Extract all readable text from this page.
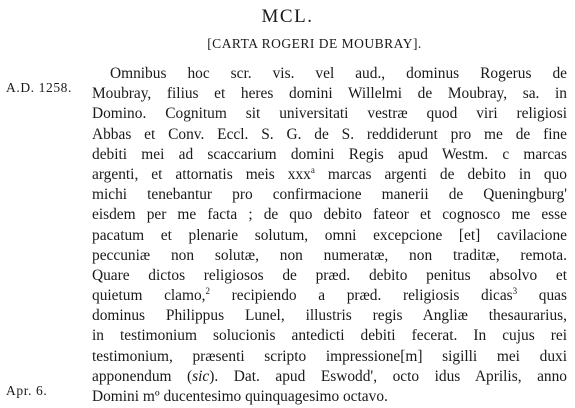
MCL.
[CARTA ROGERI DE MOUBRAY].
A.D. 1258.
Apr. 6.
Omnibus hoc scr. vis. vel aud., dominus Rogerus de
Moubray, filius et heres domini Willelmi de Moubray, sa. in
Domino. Cognitum sit universitati vestræ quod viri religiosi
Abbas et Conv. Eccl. S. G. de S. reddiderunt pro me de fine
debiti mei ad scaccarium domini Regis apud Westm. c marcas
argenti, et attornatis meis xxx$^a$ marcas argenti de debito in quo
michi tenebantur pro confirmacione manerii de Queningburg'
eisdem per me facta ; de quo debito fateor et cognosco me esse
pacatum et plenarie solutum, omni excepcione [et] cavilacione
peccuniæ non solutæ, non numeratæ, non traditæ, remota.
Quare dictos religiosos de præd. debito penitus absolvo et
quietum clamo,$^2$ recipiendo a præd. religiosis dicas$^3$ quas
dominus Philippus Lunel, illustris regis Angliæ thesaurarius,
in testimonium solucionis antedicti debiti fecerat. In cujus rei
testimonium, præsenti scripto impressione[m] sigilli mei duxi
apponendum (sic). Dat. apud Eswodd', octo idus Aprilis, anno
Domini mº ducentesimo quinquagesimo octavo.
